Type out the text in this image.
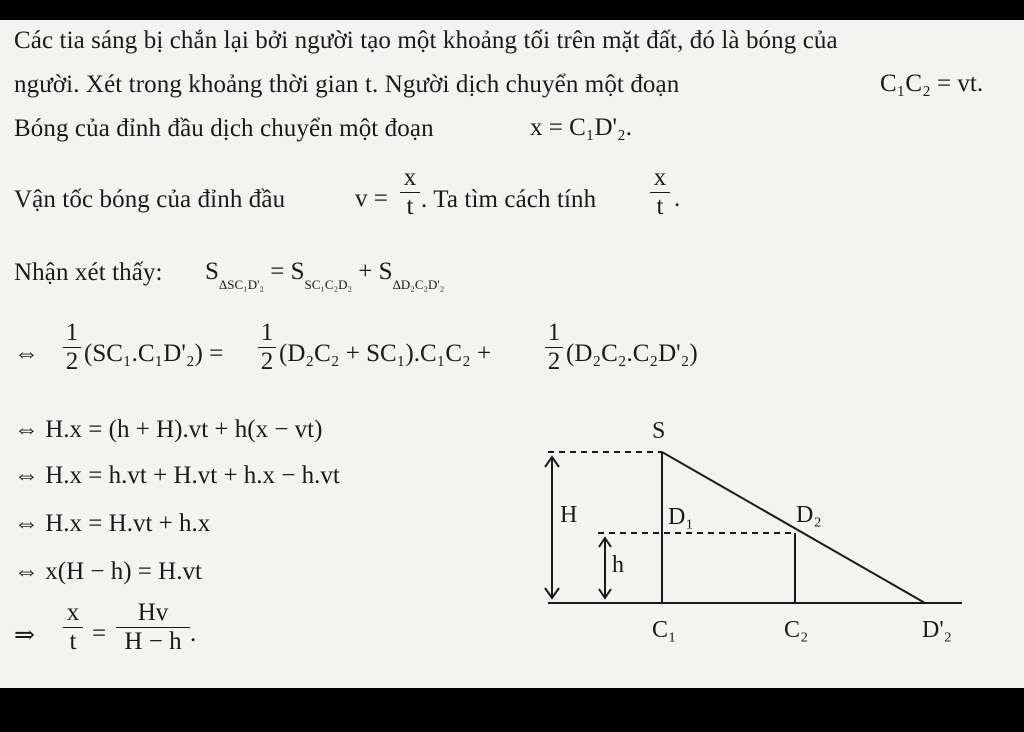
Các tia sáng bị chắn lại bởi người tạo một khoảng tối trên mặt đất, đó là bóng của
người. Xét trong khoảng thời gian t. Người dịch chuyển một đoạn	C₁C₂ = vt.
Bóng của đỉnh đầu dịch chuyển một đoạn	x = C₁D'₂.
Vận tốc bóng của đỉnh đầu	v =
x
t . Ta tìm cách tính
x
t .
Nhận xét thấy: $S_{\Delta SC_1D'_2} = S_{SC_1C_2D_2} + S_{\Delta D_2C_2D'_2}$
⇔
1
2 (SC₁.C₁D'₂) =
1
2 (D₂C₂ + SC₁).C₁C₂ +
1
2 (D₂C₂.C₂D'₂)
⇔ H.x = (h + H).vt + h(x − vt)
⇔ H.x = h.vt + H.vt + h.x − h.vt
⇔ H.x = H.vt + h.x
⇔ x(H − h) = H.vt
⇒
x
t =
Hv
H − h .
S
H
h
D₁	D₂
C₁	C₂	D'₂
